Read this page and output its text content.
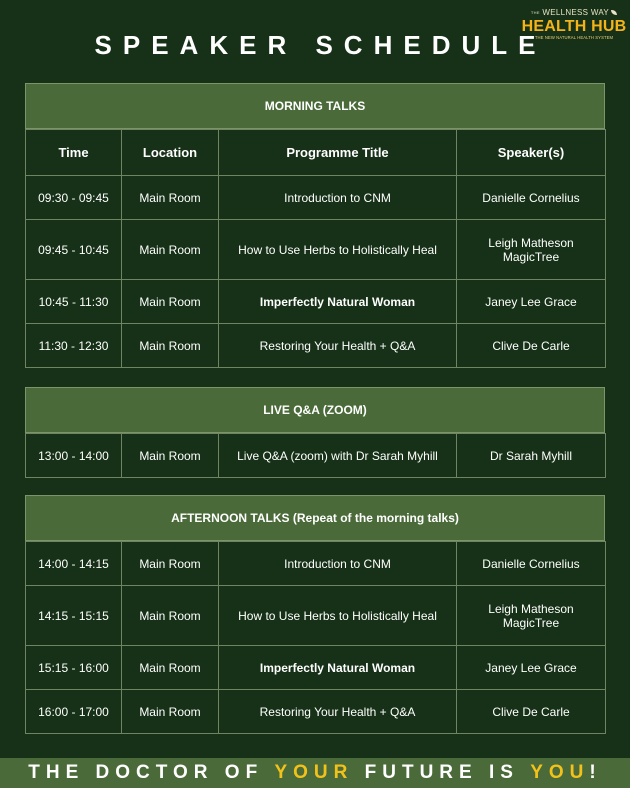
SPEAKER SCHEDULE
$^{THE}$ WELLNESS WAY
HEALTH HUB
THE NEW NATURAL HEALTH SYSTEM
MORNING TALKS
Time	Location	Programme Title	Speaker(s)
09:30 - 09:45	Main Room	Introduction to CNM	Danielle Cornelius
09:45 - 10:45	Main Room	How to Use Herbs to Holistically Heal	Leigh Matheson MagicTree
10:45 - 11:30	Main Room	Imperfectly Natural Woman	Janey Lee Grace
11:30 - 12:30	Main Room	Restoring Your Health + Q&A	Clive De Carle
LIVE Q&A (ZOOM)
13:00 - 14:00	Main Room	Live Q&A (zoom) with Dr Sarah Myhill	Dr Sarah Myhill
AFTERNOON TALKS (Repeat of the morning talks)
14:00 - 14:15	Main Room	Introduction to CNM	Danielle Cornelius
14:15 - 15:15	Main Room	How to Use Herbs to Holistically Heal	Leigh Matheson MagicTree
15:15 - 16:00	Main Room	Imperfectly Natural Woman	Janey Lee Grace
16:00 - 17:00	Main Room	Restoring Your Health + Q&A	Clive De Carle
THE DOCTOR OF YOUR FUTURE IS YOU !
